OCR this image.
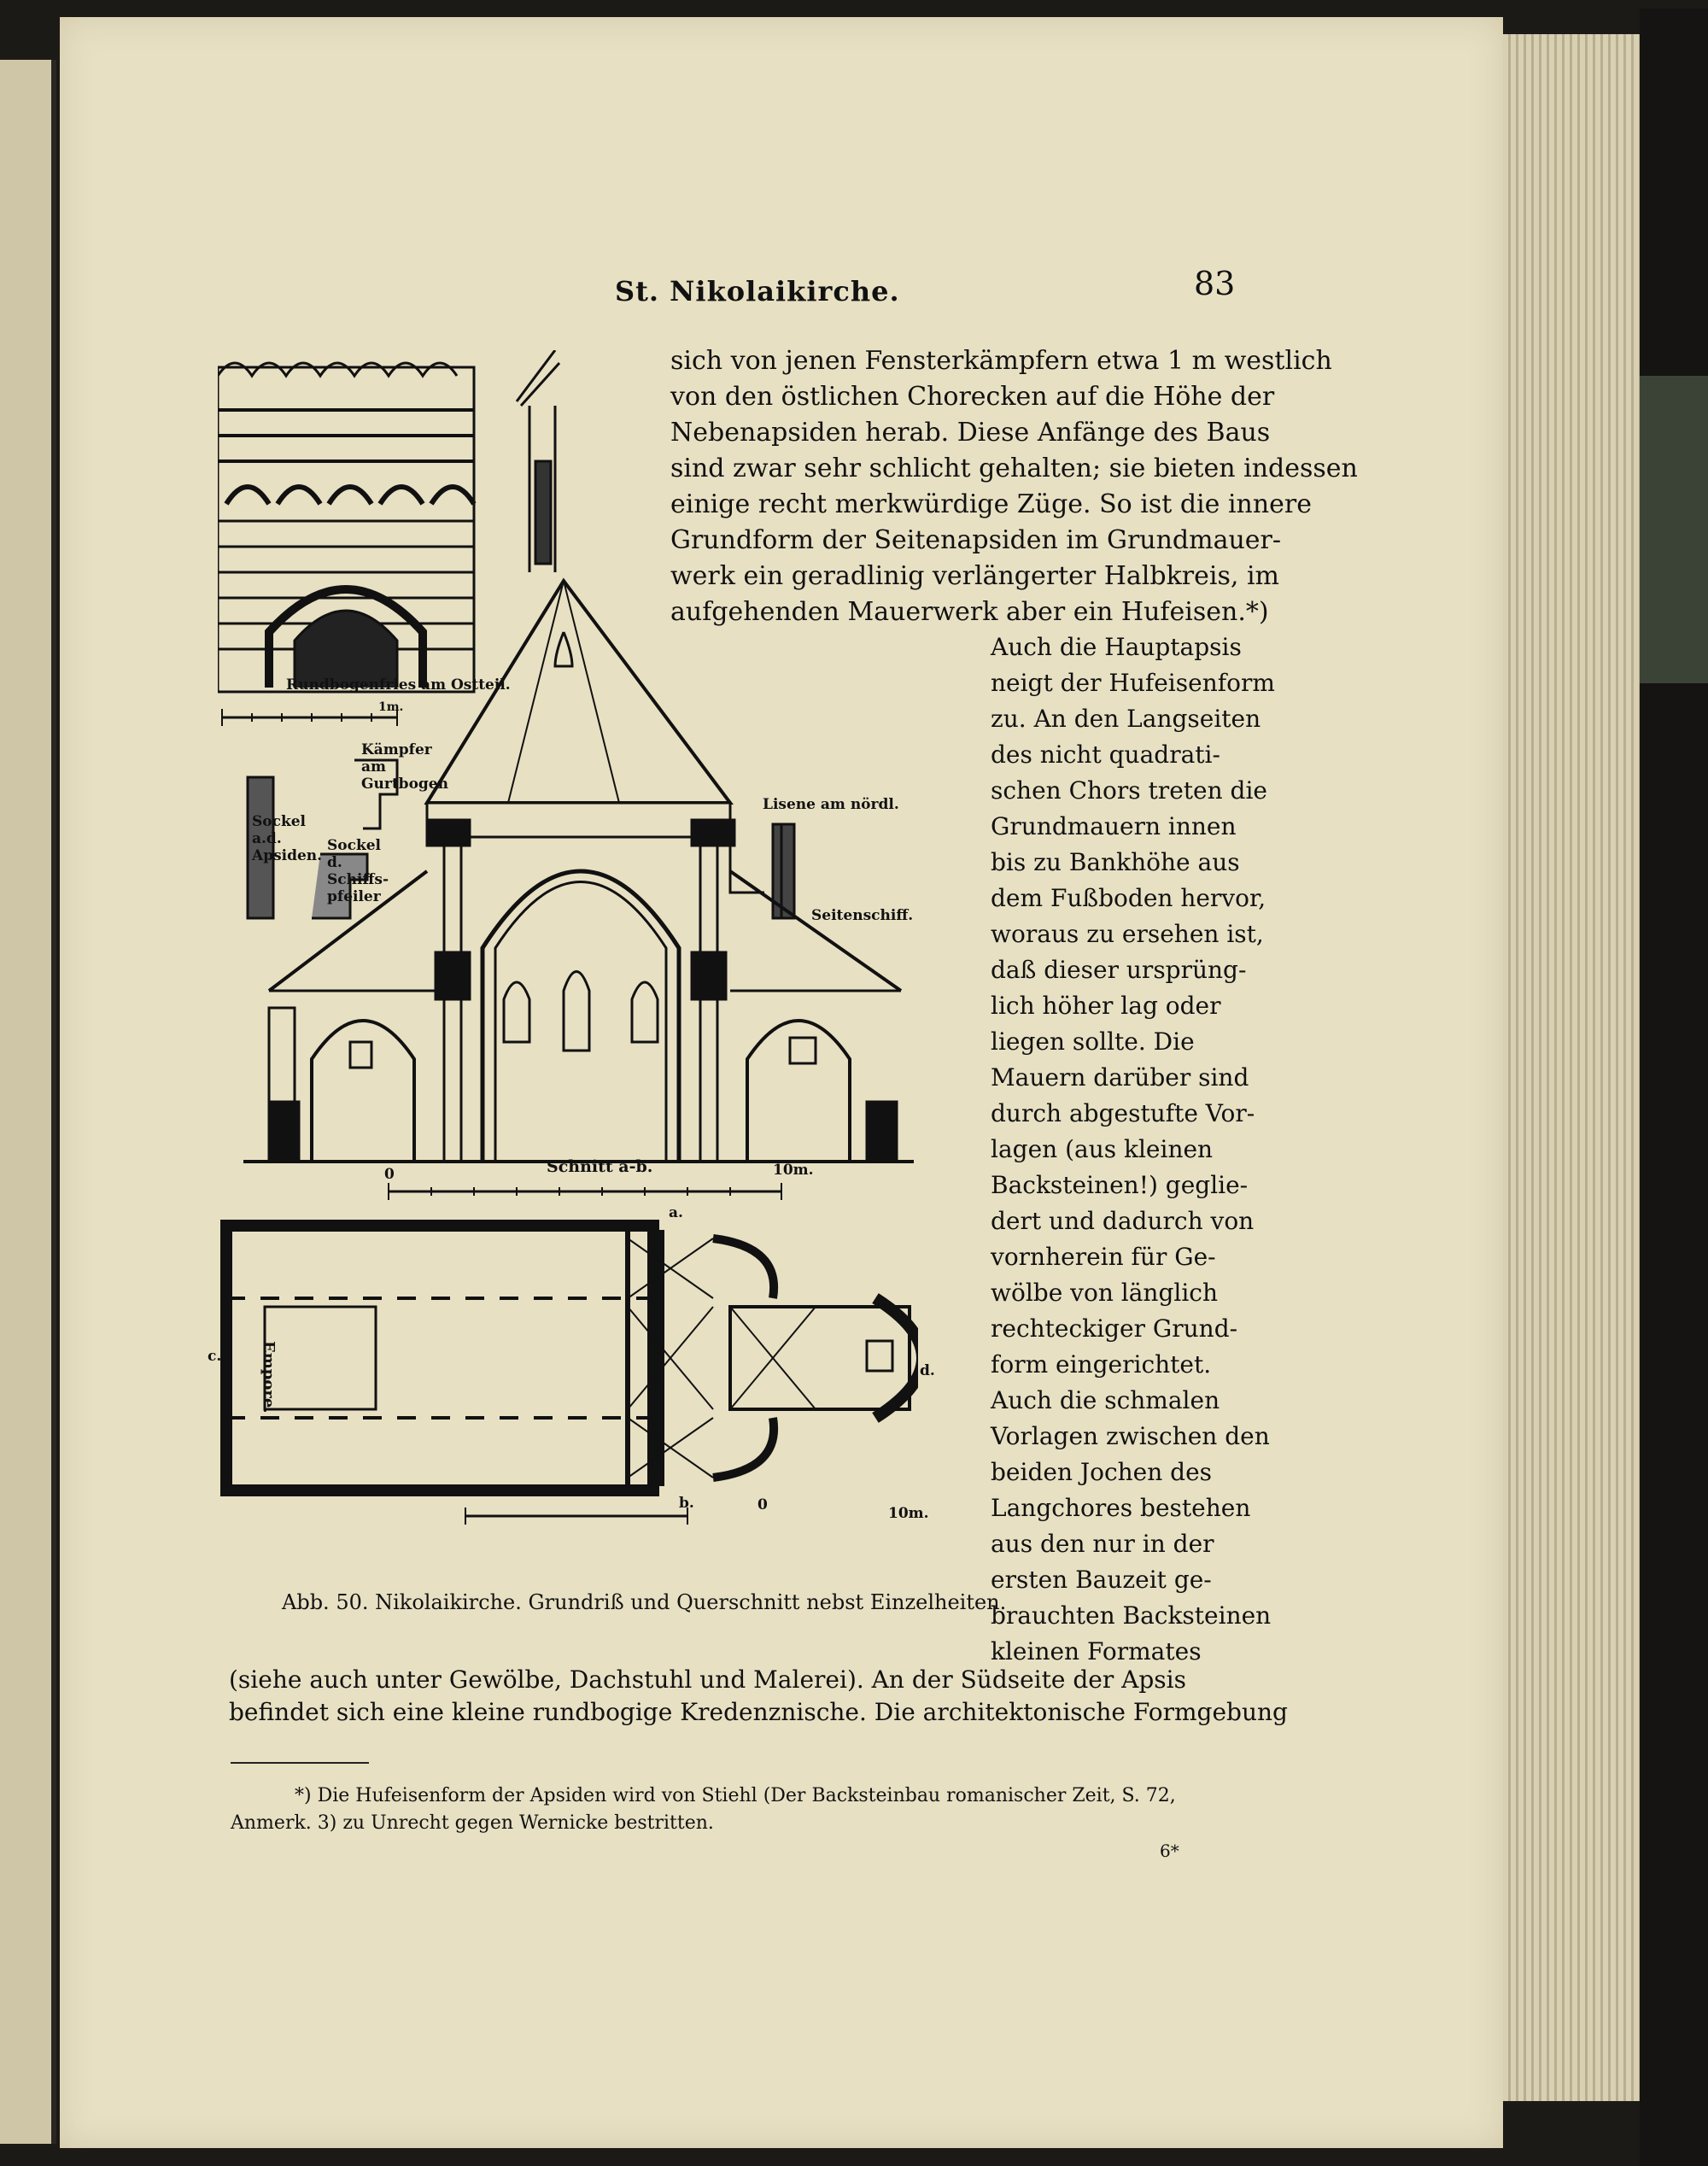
St. Nikolaikirche.	83
Rundbogenfries am Ostteil.
1m.
Kämpfer am Gurtbogen
Sockel a.d. Apsiden.
Sockel d. Schiffs-pfeiler
Lisene am nördl.
Seitenschiff.
Schnitt a-b.
0	10m.
a.
b.
c.
d.
Empore.
0	10m.
Abb. 50. Nikolaikirche. Grundriß und Querschnitt nebst Einzelheiten.
sich von jenen Fensterkämpfern etwa 1 m westlich
von den östlichen Chorecken auf die Höhe der
Nebenapsiden herab. Diese Anfänge des Baus
sind zwar sehr schlicht gehalten; sie bieten indessen
einige recht merkwürdige Züge. So ist die innere
Grundform der Seitenapsiden im Grundmauer-
werk ein geradlinig verlängerter Halbkreis, im
aufgehenden Mauerwerk aber ein Hufeisen.*)
Auch die Hauptapsis
neigt der Hufeisenform
zu. An den Langseiten
des nicht quadrati-
schen Chors treten die
Grundmauern innen
bis zu Bankhöhe aus
dem Fußboden hervor,
woraus zu ersehen ist,
daß dieser ursprüng-
lich höher lag oder
liegen sollte. Die
Mauern darüber sind
durch abgestufte Vor-
lagen (aus kleinen
Backsteinen!) geglie-
dert und dadurch von
vornherein für Ge-
wölbe von länglich
rechteckiger Grund-
form eingerichtet.
Auch die schmalen
Vorlagen zwischen den
beiden Jochen des
Langchores bestehen
aus den nur in der
ersten Bauzeit ge-
brauchten Backsteinen
kleinen Formates
(siehe auch unter Gewölbe, Dachstuhl und Malerei). An der Südseite der Apsis
befindet sich eine kleine rundbogige Kredenznische. Die architektonische Formgebung
*) Die Hufeisenform der Apsiden wird von Stiehl (Der Backsteinbau romanischer Zeit, S. 72,
Anmerk. 3) zu Unrecht gegen Wernicke bestritten.
6*
